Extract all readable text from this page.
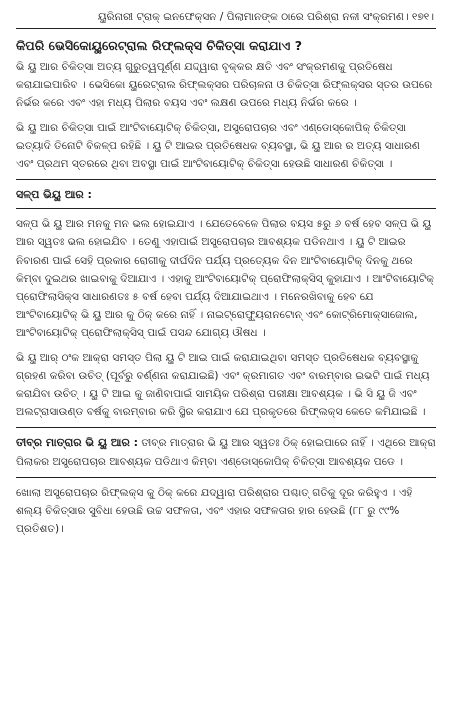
ୟୁରିନାରୀ ଟ୍ରାକ୍ ଇନଫେକ୍ସନ / ପିଲାମାନଙ୍କ ଠାରେ ପରିଶ୍ରା ନଳୀ ସଂକ୍ରମଣ। ୧୭୧।
କିପରି ଭେସିକୋୟୁରେଟ୍ରାଲ ରିଫ୍ଲକ୍ସ ଚିକିତ୍ସା କରାଯାଏ ?

ଭି ୟୁ ଆର ଚିକିତ୍ସା ଅତ୍ୟ ଗୁରୁତ୍ୱପୂର୍ଣ୍ଣ ଯଦ୍ଦ୍ୱାରା ବୃକ୍କର କ୍ଷତି ଏବଂ ସଂକ୍ରମଣକୁ ପ୍ରତିଷେଧ କରାଯାଇପାରିବ । ଭେସିକୋ ୟୁରେଟ୍ରାଲ ରିଫ୍ଲକ୍ସର ପରିଚାଳନା ଓ ଚିକିତ୍ସା ରିଫ୍ଲକ୍ସର ସ୍ତର ଉପରେ ନିର୍ଭର କରେ ଏବଂ ଏହା ମଧ୍ୟ ପିଲାର ବୟସ ଏବଂ ଲକ୍ଷଣ ଉପରେ ମଧ୍ୟ ନିର୍ଭର କରେ ।

ଭି ୟୁ ଆର ଚିକିତ୍ସା ପାଇଁ ଆଂଟିବାୟୋଟିକ୍ ଚିକିତ୍ସା, ଅସ୍ତ୍ରୋପଚାର ଏବଂ ଏଣ୍ଡୋସ୍କୋପିକ୍ ଚିକିତ୍ସା ଇତ୍ୟାଦି ତିନୋଟି ବିକଳ୍ପ ରହିଛି । ୟୁ ଟି ଆଇର ପ୍ରତିଷେଧକ ବ୍ୟବସ୍ଥା, ଭି ୟୁ ଆର ର ଅତ୍ୟ ସାଧାରଣ ଏବଂ ପ୍ରଥମ ସ୍ତରରେ ଥିବା ଅବସ୍ଥା ପାଇଁ ଆଂଟିବାୟୋଟିକ୍ ଚିକିତ୍ସା ହେଉଛି ସାଧାରଣ ଚିକିତ୍ସା ।

ସଳ୍ପ ଭିୟୁ ଆର :

ସଳ୍ପ ଭି ୟୁ ଆର ମନକୁ ମନ ଭଲ ହୋଇଯାଏ । ଯେତେବେଳେ ପିଲାର ବୟସ ୫ରୁ ୬ ବର୍ଷ ହେବ ସଳ୍ପ ଭି ୟୁ ଆର ସ୍ୱତଃ ଭଲ ହୋଇଯିବ । ତେଣୁ ଏହାପାଇଁ ଅସ୍ତ୍ରୋପଚାର ଆବଶ୍ୟକ ପଡିନଥାଏ । ୟୁ ଟି ଆଇର ନିବାରଣ ପାଇଁ ସେହି ପ୍ରକାର ରୋଗୀକୁ ଦୀର୍ଘଦିନ ପର୍ଯ୍ୟ ପ୍ରତ୍ୟେକ ଦିନ ଆଂଟିବାୟୋଟିକ୍ ଦିନକୁ ଥରେ କିମ୍ବା ଦୁଇଥର ଖାଇବାକୁ ଦିଆଯାଏ । ଏହାକୁ ଆଂଟିବାୟୋଟିକ୍ ପ୍ରୋଫିଲାକ୍ସିସ୍ କୁହାଯାଏ । ଆଂଟିବାୟୋଟିକ୍ ପ୍ରୋଫିଲାସିକ୍ସ ସାଧାରଣତଃ ୫ ବର୍ଷ ହେବା ପର୍ଯ୍ୟ ଦିଆଯାଇଥାଏ । ମନେରଖିବାକୁ ହେବ ଯେ ଆଂଟିବାୟୋଟିକ୍ ଭି ୟୁ ଆର କୁ ଠିକ୍ କରେ ନାହିଁ । ନାଇଟ୍ରୋଫ୍ୟୁରାନଟୋନ୍ ଏବଂ କୋଟ୍ରିମୋକ୍ସାଜୋଲ, ଆଂଟିବାୟୋଟିକ୍ ପ୍ରୋଫିଲାକ୍ସିସ୍ ପାଇଁ ପସନ୍ଦ ଯୋଗ୍ୟ ଔଷଧ ।

ଭି ୟୁ ଆର୍ ଠଂକ ଆକ୍ରା ସମସ୍ତ ପିଲା ୟୁ ଟି ଆଇ ପାଇଁ କରାଯାଇଥିବା ସମସ୍ତ ପ୍ରତିଷେଧକ ବ୍ୟବସ୍ଥାକୁ ଗ୍ରହଣ କରିବା ଉଚିତ୍ (ପୂର୍ବରୁ ବର୍ଣ୍ଣନା କରାଯାଇଛି) ଏବଂ କ୍ରମାଗତ ଏବଂ ବାରମ୍ବାର ଇଭଟି ପାଇଁ ମଧ୍ୟ କରାଯିବା ଉଚିତ୍ । ୟୁ ଟି ଆଇ କୁ ଜାଣିବାପାଇଁ ସାମୟିକ ପରିଶ୍ରା ପରୀକ୍ଷା ଆବଶ୍ୟକ । ଭି ସି ୟୁ ଜି ଏବଂ ଅଲଟ୍ରାସାଉଣ୍ଡ ବର୍ଷକୁ ବାରମ୍ବାର କରି ସ୍ଥିର କରାଯାଏ ଯେ ପ୍ରକୃତରେ ରିଫ୍ଲକ୍ସ କେତେ କମିଯାଇଛି ।

ତୀବ୍ର ମାତ୍ରାର ଭି ୟୁ ଆର : ତୀବ୍ର ମାତ୍ରାର ଭି ୟୁ ଆର ସ୍ୱତଃ ଠିକ୍ ହୋଇପାରେ ନାହିଁ । ଏଥିରେ ଆକ୍ରା ପିଲାକର ଅସ୍ତ୍ରୋପଚାର ଆବଶ୍ୟକ ପଡିଥାଏ କିମ୍ବା ଏଣ୍ଡୋସ୍କୋପିକ୍ ଚିକିତ୍ସା ଆବଶ୍ୟକ ପଡେ ।

ଖୋଲା ଅସ୍ତ୍ରୋପଚାର ରିଫ୍ଲକ୍ସ କୁ ଠିକ୍ କରେ ଯଦ୍ୱାରା ପରିଶ୍ରାର ପଶ୍ଚାତ୍ ଗତିକୁ ଦୂର କରିହୁଏ । ଏହି ଶଲ୍ୟ ଚିକିତ୍ସାର ସୁବିଧା ହେଉଛି ଉଚ୍ଚ ସଫଳତା, ଏବଂ ଏହାର ସଫଳତାର ହାର ହେଉଛି (୮୮ ରୁ ୯୯% ପ୍ରତିଶତ)।
